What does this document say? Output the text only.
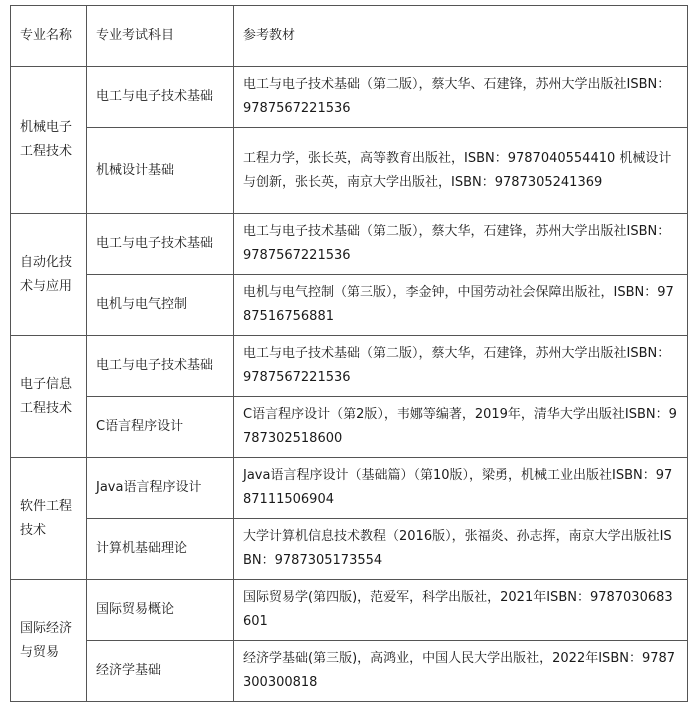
专业名称	专业考试科目	参考教材
机械电子工程技术	电工与电子技术基础	电工与电子技术基础（第二版），蔡大华、石建锋，苏州大学出版社ISBN：9787567221536
	机械设计基础	工程力学，张长英，高等教育出版社，ISBN：9787040554410 机械设计与创新，张长英，南京大学出版社，ISBN：9787305241369
自动化技术与应用	电工与电子技术基础	电工与电子技术基础（第二版），蔡大华，石建锋，苏州大学出版社ISBN：9787567221536
	电机与电气控制	电机与电气控制（第三版），李金钟，中国劳动社会保障出版社，ISBN：9787516756881
电子信息工程技术	电工与电子技术基础	电工与电子技术基础（第二版），蔡大华，石建锋，苏州大学出版社ISBN：9787567221536
	C语言程序设计	C语言程序设计（第2版），韦娜等编著，2019年，清华大学出版社ISBN：9787302518600
软件工程技术	Java语言程序设计	Java语言程序设计（基础篇）（第10版），梁勇，机械工业出版社ISBN：9787111506904
	计算机基础理论	大学计算机信息技术教程（2016版），张福炎、孙志挥，南京大学出版社ISBN：9787305173554
国际经济与贸易	国际贸易概论	国际贸易学(第四版)，范爱军，科学出版社，2021年ISBN：9787030683601
	经济学基础	经济学基础(第三版)，高鸿业，中国人民大学出版社，2022年ISBN：9787300300818
